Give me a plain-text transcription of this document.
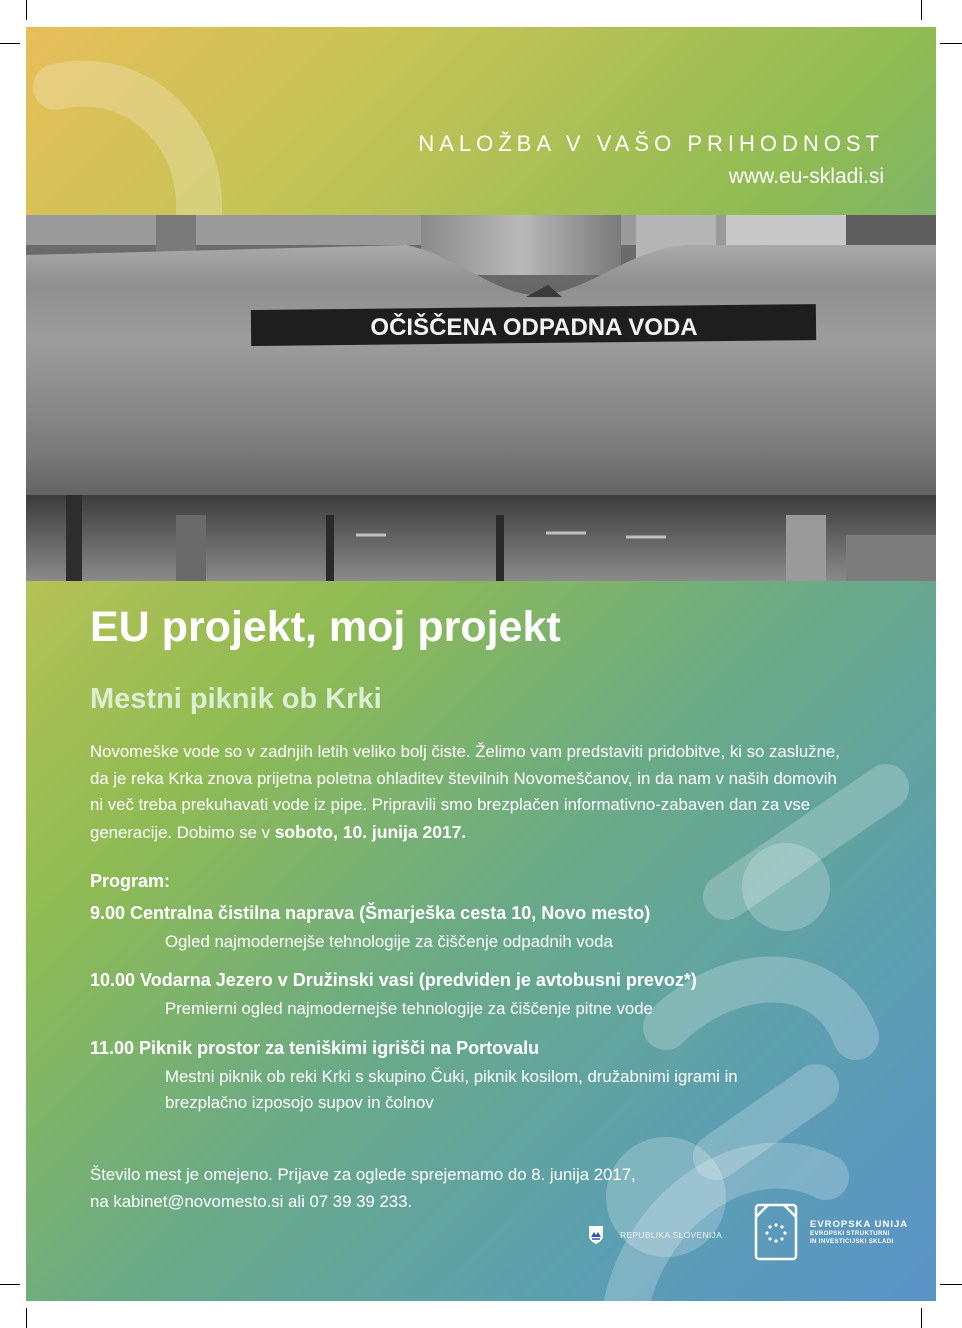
NALOŽBA V VAŠO PRIHODNOST
www.eu-skladi.si
OČIŠČENA ODPADNA VODA
EU projekt, moj projekt
Mestni piknik ob Krki
Novomeške vode so v zadnjih letih veliko bolj čiste. Želimo vam predstaviti pridobitve, ki so zaslužne, da je reka Krka znova prijetna poletna ohladitev številnih Novomeščanov, in da nam v naših domovih ni več treba prekuhavati vode iz pipe. Pripravili smo brezplačen informativno-zabaven dan za vse generacije. Dobimo se v soboto, 10. junija 2017.
Program:
9.00 Centralna čistilna naprava (Šmarješka cesta 10, Novo mesto)
Ogled najmodernejše tehnologije za čiščenje odpadnih voda
10.00 Vodarna Jezero v Družinski vasi (predviden je avtobusni prevoz*)
Premierni ogled najmodernejše tehnologije za čiščenje pitne vode
11.00 Piknik prostor za teniškimi igrišči na Portovalu
Mestni piknik ob reki Krki s skupino Čuki, piknik kosilom, družabnimi igrami in brezplačno izposojo supov in čolnov
Število mest je omejeno. Prijave za oglede sprejemamo do 8. junija 2017,
na kabinet@novomesto.si ali 07 39 39 233.
REPUBLIKA SLOVENIJA
EVROPSKA UNIJA
EVROPSKI STRUKTURNI
IN INVESTICIJSKI SKLADI
